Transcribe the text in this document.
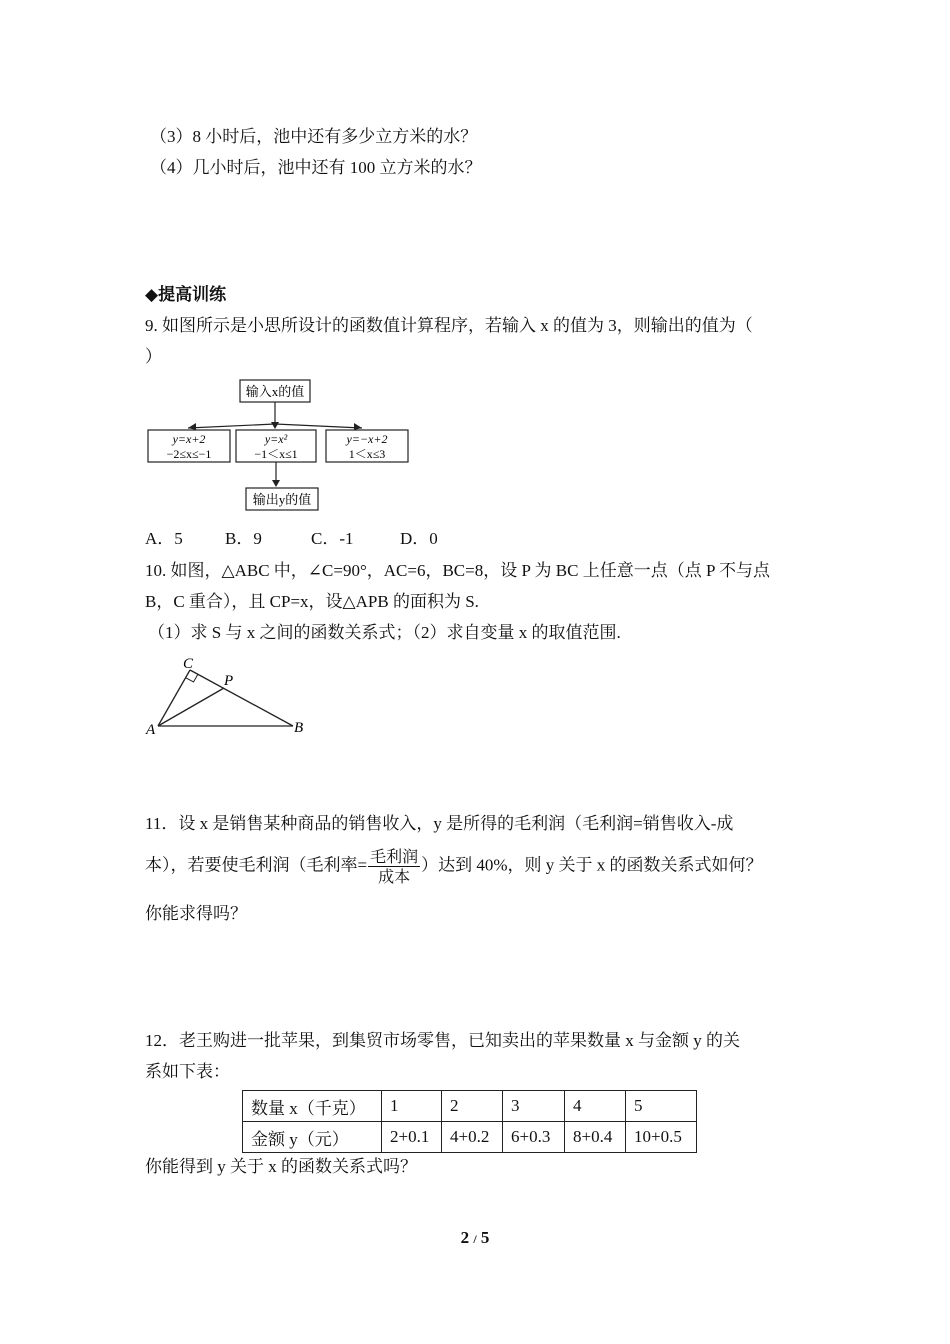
（3）8 小时后，池中还有多少立方米的水？
（4）几小时后，池中还有 100 立方米的水？
◆提高训练
9. 如图所示是小思所设计的函数值计算程序，若输入 x 的值为 3，则输出的值为（
）
输入x的值
y=x+2
−2≤x≤−1
y=x²
−1＜x≤1
y=−x+2
1＜x≤3
输出y的值
A．5 B．9	C．-1	D．0
10. 如图，△ABC 中，∠C=90°，AC=6，BC=8，设 P 为 BC 上任意一点（点 P 不与点
B，C 重合），且 CP=x，设△APB 的面积为 S.
（1）求 S 与 x 之间的函数关系式；（2）求自变量 x 的取值范围.
C
P
A	B
11．设 x 是销售某种商品的销售收入，y 是所得的毛利润（毛利润=销售收入-成
本），若要使毛利润（毛利率= $\frac{\text{毛利润}}{\text{成本}}$ ）达到 40%，则 y 关于 x 的函数关系式如何？
你能求得吗？
12．老王购进一批苹果，到集贸市场零售，已知卖出的苹果数量 x 与金额 y 的关
系如下表：
数量 x（千克）	1	2	3	4	5
金额 y（元）	2+0.1	4+0.2	6+0.3	8+0.4	10+0.5
你能得到 y 关于 x 的函数关系式吗？
2 / 5
